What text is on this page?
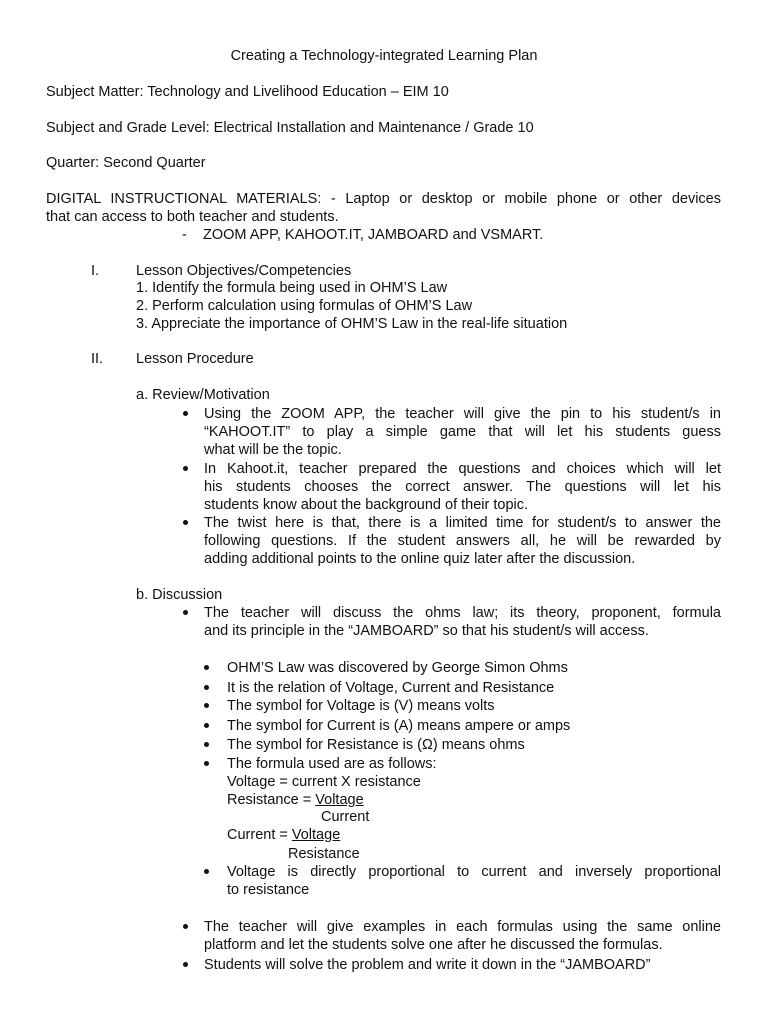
Creating a Technology-integrated Learning Plan
Subject Matter: Technology and Livelihood Education – EIM 10
Subject and Grade Level: Electrical Installation and Maintenance / Grade 10
Quarter: Second Quarter
DIGITAL INSTRUCTIONAL MATERIALS: - Laptop or desktop or mobile phone or other devices
that can access to both teacher and students.
- ZOOM APP, KAHOOT.IT, JAMBOARD and VSMART.
I.	Lesson Objectives/Competencies
1. Identify the formula being used in OHM’S Law
2. Perform calculation using formulas of OHM’S Law
3. Appreciate the importance of OHM’S Law in the real-life situation
II. Lesson Procedure
a. Review/Motivation
Using the ZOOM APP, the teacher will give the pin to his student/s in
“KAHOOT.IT” to play a simple game that will let his students guess
what will be the topic.
In Kahoot.it, teacher prepared the questions and choices which will let
his students chooses the correct answer. The questions will let his
students know about the background of their topic.
The twist here is that, there is a limited time for student/s to answer the
following questions. If the student answers all, he will be rewarded by
adding additional points to the online quiz later after the discussion.
b. Discussion
The teacher will discuss the ohms law; its theory, proponent, formula
and its principle in the “JAMBOARD” so that his student/s will access.
OHM’S Law was discovered by George Simon Ohms
It is the relation of Voltage, Current and Resistance
The symbol for Voltage is (V) means volts
The symbol for Current is (A) means ampere or amps
The symbol for Resistance is (Ω) means ohms
The formula used are as follows:
Voltage = current X resistance
Resistance = Voltage
Current
Current = Voltage
Resistance
Voltage is directly proportional to current and inversely proportional
to resistance
The teacher will give examples in each formulas using the same online
platform and let the students solve one after he discussed the formulas.
Students will solve the problem and write it down in the “JAMBOARD”
